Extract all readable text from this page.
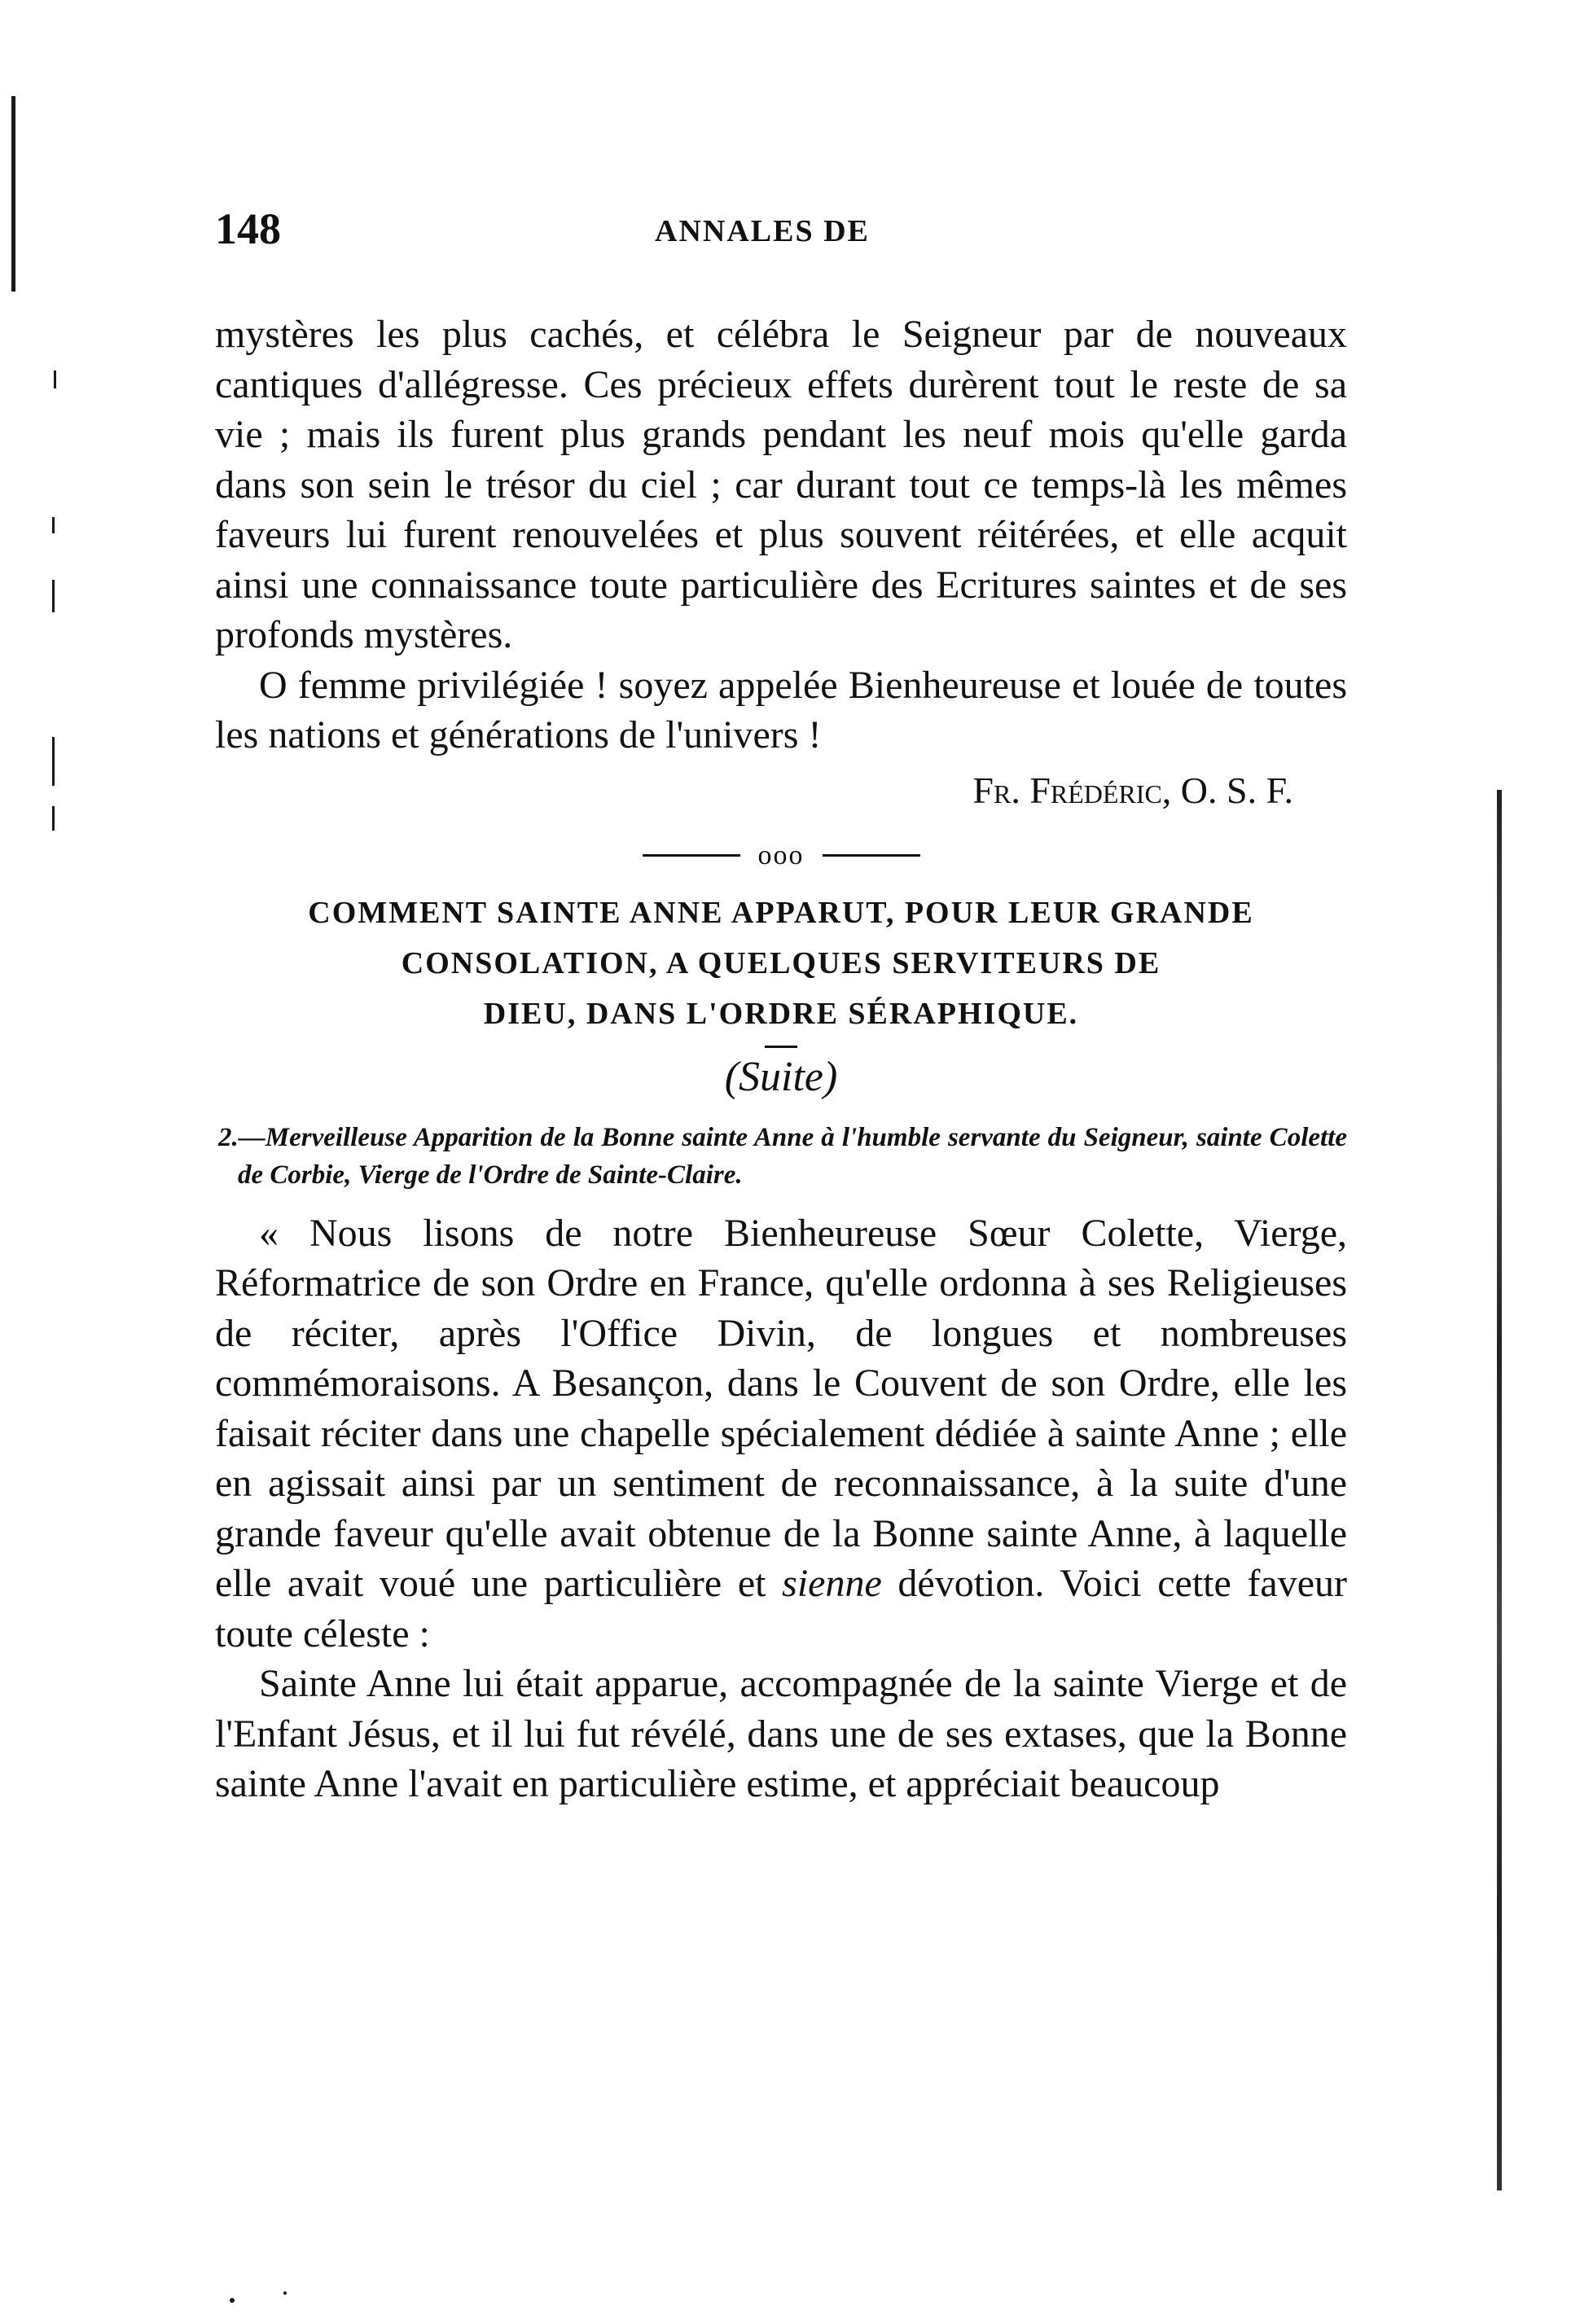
148	ANNALES DE

mystères les plus cachés, et célébra le Seigneur par de nouveaux cantiques d'allégresse. Ces précieux effets durèrent tout le reste de sa vie ; mais ils furent plus grands pendant les neuf mois qu'elle garda dans son sein le trésor du ciel ; car durant tout ce temps-là les mêmes faveurs lui furent renouvelées et plus souvent réitérées, et elle acquit ainsi une connaissance toute particulière des Ecritures saintes et de ses profonds mystères.

O femme privilégiée ! soyez appelée Bienheureuse et louée de toutes les nations et générations de l'univers !

Fr. Frédéric, O. S. F.
ooo
COMMENT SAINTE ANNE APPARUT, POUR LEUR GRANDE
CONSOLATION, A QUELQUES SERVITEURS DE
DIEU, DANS L'ORDRE SÉRAPHIQUE.
(Suite)

2.—Merveilleuse Apparition de la Bonne sainte Anne à l'humble servante du Seigneur, sainte Colette de Corbie, Vierge de l'Ordre de Sainte-Claire.

« Nous lisons de notre Bienheureuse Sœur Colette, Vierge, Réformatrice de son Ordre en France, qu'elle ordonna à ses Religieuses de réciter, après l'Office Divin, de longues et nombreuses commémoraisons. A Besançon, dans le Couvent de son Ordre, elle les faisait réciter dans une chapelle spécialement dédiée à sainte Anne ; elle en agissait ainsi par un sentiment de reconnaissance, à la suite d'une grande faveur qu'elle avait obtenue de la Bonne sainte Anne, à laquelle elle avait voué une particulière et sienne dévotion. Voici cette faveur toute céleste :

Sainte Anne lui était apparue, accompagnée de la sainte Vierge et de l'Enfant Jésus, et il lui fut révélé, dans une de ses extases, que la Bonne sainte Anne l'avait en particulière estime, et appréciait beaucoup
